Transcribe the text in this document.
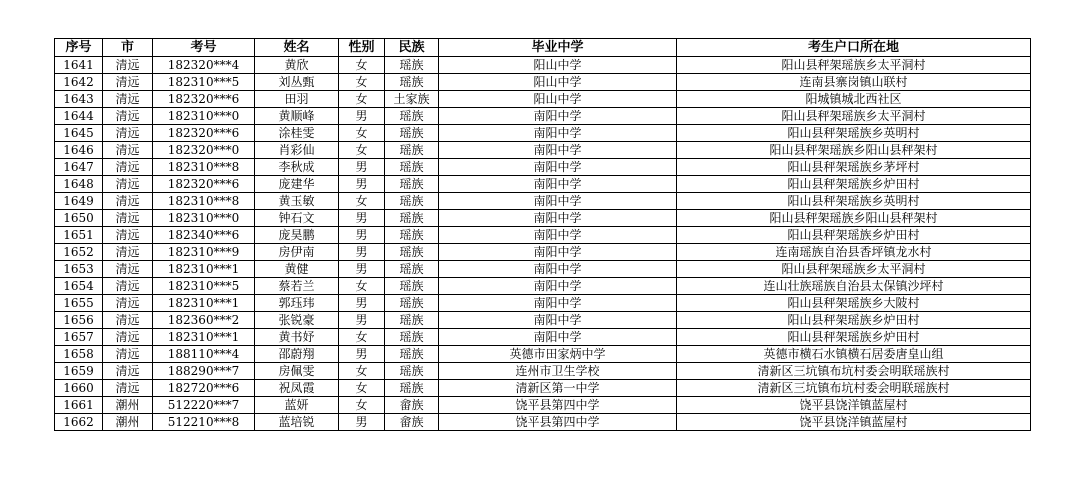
序号	市	考号	姓名	性别	民族	毕业中学	考生户口所在地
1641	清远	182320***4	黄欣	女	瑶族	阳山中学	阳山县秤架瑶族乡太平洞村
1642	清远	182310***5	刘丛甄	女	瑶族	阳山中学	连南县寨岗镇山联村
1643	清远	182320***6	田羽	女	土家族	阳山中学	阳城镇城北西社区
1644	清远	182310***0	黄顺峰	男	瑶族	南阳中学	阳山县秤架瑶族乡太平洞村
1645	清远	182320***6	涂桂雯	女	瑶族	南阳中学	阳山县秤架瑶族乡英明村
1646	清远	182320***0	肖彩仙	女	瑶族	南阳中学	阳山县秤架瑶族乡阳山县秤架村
1647	清远	182310***8	李秋成	男	瑶族	南阳中学	阳山县秤架瑶族乡茅坪村
1648	清远	182320***6	庞建华	男	瑶族	南阳中学	阳山县秤架瑶族乡炉田村
1649	清远	182310***8	黄玉敏	女	瑶族	南阳中学	阳山县秤架瑶族乡英明村
1650	清远	182310***0	钟石文	男	瑶族	南阳中学	阳山县秤架瑶族乡阳山县秤架村
1651	清远	182340***6	庞昊鹏	男	瑶族	南阳中学	阳山县秤架瑶族乡炉田村
1652	清远	182310***9	房伊南	男	瑶族	南阳中学	连南瑶族自治县香坪镇龙水村
1653	清远	182310***1	黄健	男	瑶族	南阳中学	阳山县秤架瑶族乡太平洞村
1654	清远	182310***5	蔡若兰	女	瑶族	南阳中学	连山壮族瑶族自治县太保镇沙坪村
1655	清远	182310***1	郭珏玮	男	瑶族	南阳中学	阳山县秤架瑶族乡大陂村
1656	清远	182360***2	张锐豪	男	瑶族	南阳中学	阳山县秤架瑶族乡炉田村
1657	清远	182310***1	黄书妤	女	瑶族	南阳中学	阳山县秤架瑶族乡炉田村
1658	清远	188110***4	邵蔚翔	男	瑶族	英德市田家炳中学	英德市横石水镇横石居委唐皇山组
1659	清远	188290***7	房佩雯	女	瑶族	连州市卫生学校	清新区三坑镇布坑村委会明联瑶族村
1660	清远	182720***6	祝凤霞	女	瑶族	清新区第一中学	清新区三坑镇布坑村委会明联瑶族村
1661	潮州	512220***7	蓝妍	女	畲族	饶平县第四中学	饶平县饶洋镇蓝屋村
1662	潮州	512210***8	蓝培锐	男	畲族	饶平县第四中学	饶平县饶洋镇蓝屋村
